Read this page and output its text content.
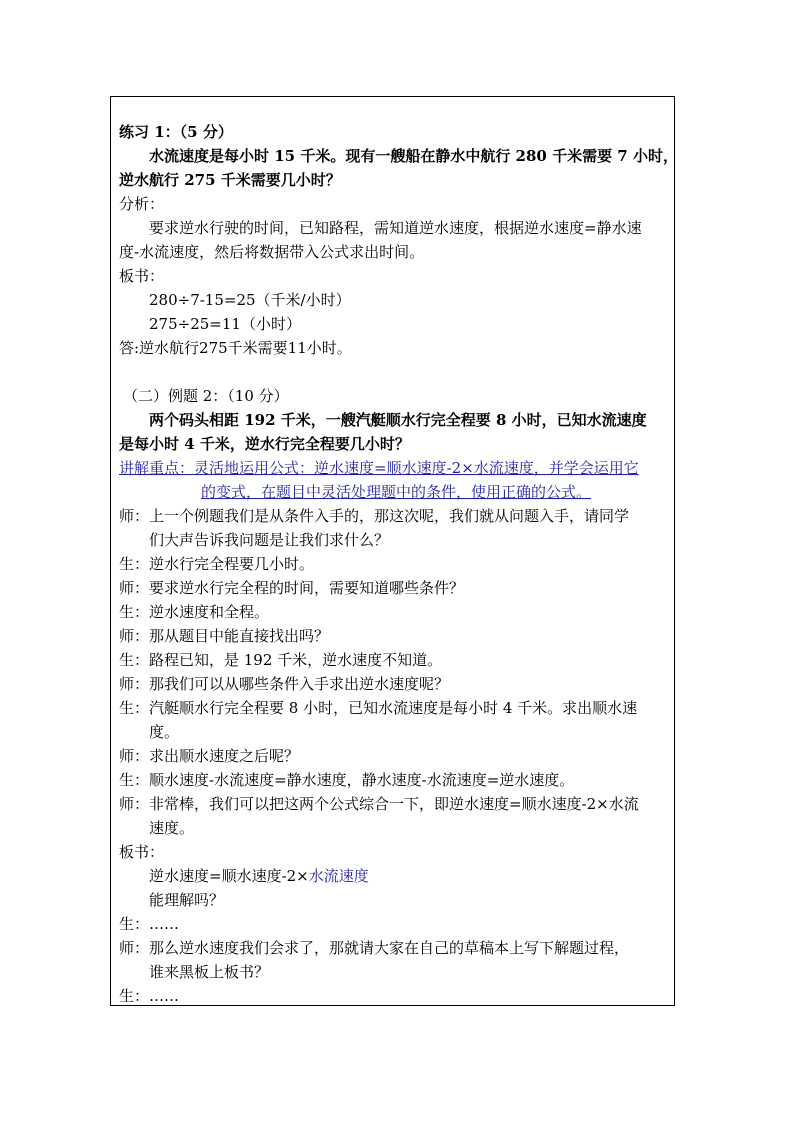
练习 1：（5 分）
水流速度是每小时 15 千米。现有一艘船在静水中航行 280 千米需要 7 小时，
逆水航行 275 千米需要几小时？
分析：
要求逆水行驶的时间，已知路程，需知道逆水速度，根据逆水速度=静水速
度-水流速度，然后将数据带入公式求出时间。
板书：
280÷7-15=25（千米/小时）
275÷25=11（小时）
答:逆水航行275千米需要11小时。
（二）例题 2：（10 分）
两个码头相距 192 千米，一艘汽艇顺水行完全程要 8 小时，已知水流速度
是每小时 4 千米，逆水行完全程要几小时？
讲解重点：灵活地运用公式：逆水速度=顺水速度-2×水流速度，并学会运用它
的变式，在题目中灵活处理题中的条件，使用正确的公式。
师：上一个例题我们是从条件入手的，那这次呢，我们就从问题入手，请同学
们大声告诉我问题是让我们求什么？
生：逆水行完全程要几小时。
师：要求逆水行完全程的时间，需要知道哪些条件？
生：逆水速度和全程。
师：那从题目中能直接找出吗？
生：路程已知，是 192 千米，逆水速度不知道。
师：那我们可以从哪些条件入手求出逆水速度呢？
生：汽艇顺水行完全程要 8 小时，已知水流速度是每小时 4 千米。求出顺水速
度。
师：求出顺水速度之后呢？
生：顺水速度-水流速度=静水速度，静水速度-水流速度=逆水速度。
师：非常棒，我们可以把这两个公式综合一下，即逆水速度=顺水速度-2×水流
速度。
板书：
逆水速度=顺水速度-2×水流速度
能理解吗？
生：……
师：那么逆水速度我们会求了，那就请大家在自己的草稿本上写下解题过程，
谁来黑板上板书？
生：……
